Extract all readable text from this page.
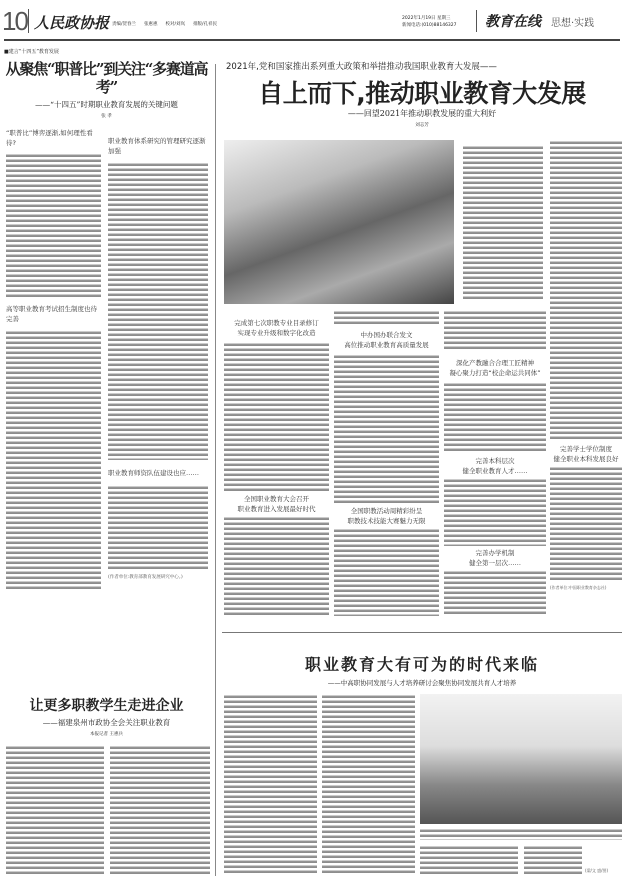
10 人民政协报 责编/贺春兰 张惠惠 校对/刘岚 排版/孔祥民
2022年1月19日 星期三
新闻电话:(010)88146327 教育在线 思想·实践
■建言“十四五”教育发展
从聚焦“职普比”到关注“多赛道高考”
——“十四五”时期职业教育发展的关键问题
张 孝
“职普比”博弈逐渐,如何理性看待?
高等职业教育考试招生制度也待完善
职业教育体系研究的管理研究逐渐加强
职业教育师资队伍建设也应……
(作者单位:教育部教育发展研究中心。)
2021年,党和国家推出系列重大政策和举措推动我国职业教育大发展——
自上而下,推动职业教育大发展
——回望2021年推动职教发展的重大利好
刘志芳
完善学士学位制度
健全职业本科发展良好
(作者单位:中国职业教育杂志社)
完成第七次职教专业目录修订
实现专业升级和数字化改造
全国职业教育大会召开
职业教育进入发展最好时代
中办国办联合发文
高位推动职业教育高质量发展
全国职教活动周精彩纷呈
职教技术技能大赛魅力无限
深化产教融合合理工匠精神
凝心聚力打造“校企命运共同体”
完善本科层次
健全职业教育人才……
完善办学机制
健全第一层次……
职业教育大有可为的时代来临
——中高职协同发展与人才培养研讨会聚焦协同发展共育人才培养
(梁/文 盛/图)
让更多职教学生走进企业
——福建泉州市政协全会关注职业教育
本报记者 王惠兵
